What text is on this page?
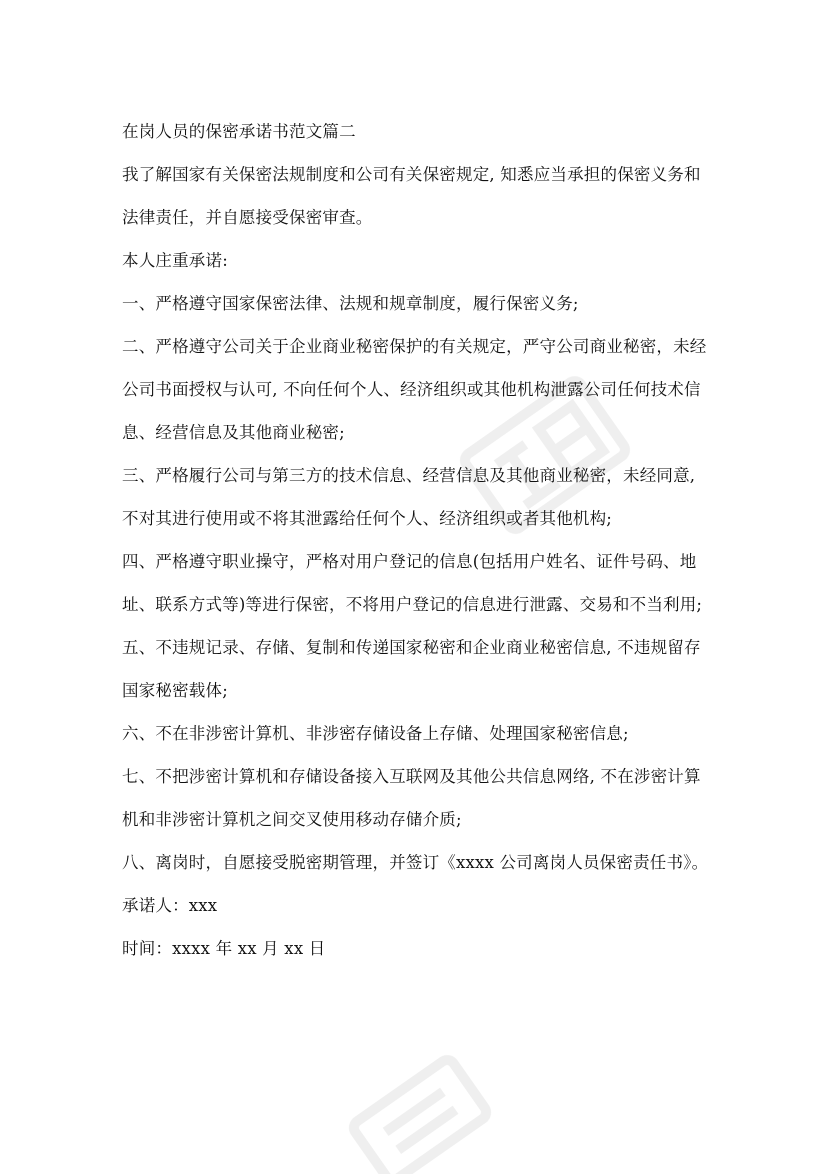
在岗人员的保密承诺书范文篇二
我了解国家有关保密法规制度和公司有关保密规定, 知悉应当承担的保密义务和
法律责任，并自愿接受保密审查。
本人庄重承诺:
一、严格遵守国家保密法律、法规和规章制度，履行保密义务;
二、严格遵守公司关于企业商业秘密保护的有关规定，严守公司商业秘密，未经
公司书面授权与认可, 不向任何个人、经济组织或其他机构泄露公司任何技术信
息、经营信息及其他商业秘密;
三、严格履行公司与第三方的技术信息、经营信息及其他商业秘密，未经同意,
不对其进行使用或不将其泄露给任何个人、经济组织或者其他机构;
四、严格遵守职业操守，严格对用户登记的信息(包括用户姓名、证件号码、地
址、联系方式等)等进行保密，不将用户登记的信息进行泄露、交易和不当利用;
五、不违规记录、存储、复制和传递国家秘密和企业商业秘密信息, 不违规留存
国家秘密载体;
六、不在非涉密计算机、非涉密存储设备上存储、处理国家秘密信息;
七、不把涉密计算机和存储设备接入互联网及其他公共信息网络, 不在涉密计算
机和非涉密计算机之间交叉使用移动存储介质;
八、离岗时，自愿接受脱密期管理，并签订《xxxx 公司离岗人员保密责任书》。
承诺人：xxx
时间：xxxx 年 xx 月 xx 日
